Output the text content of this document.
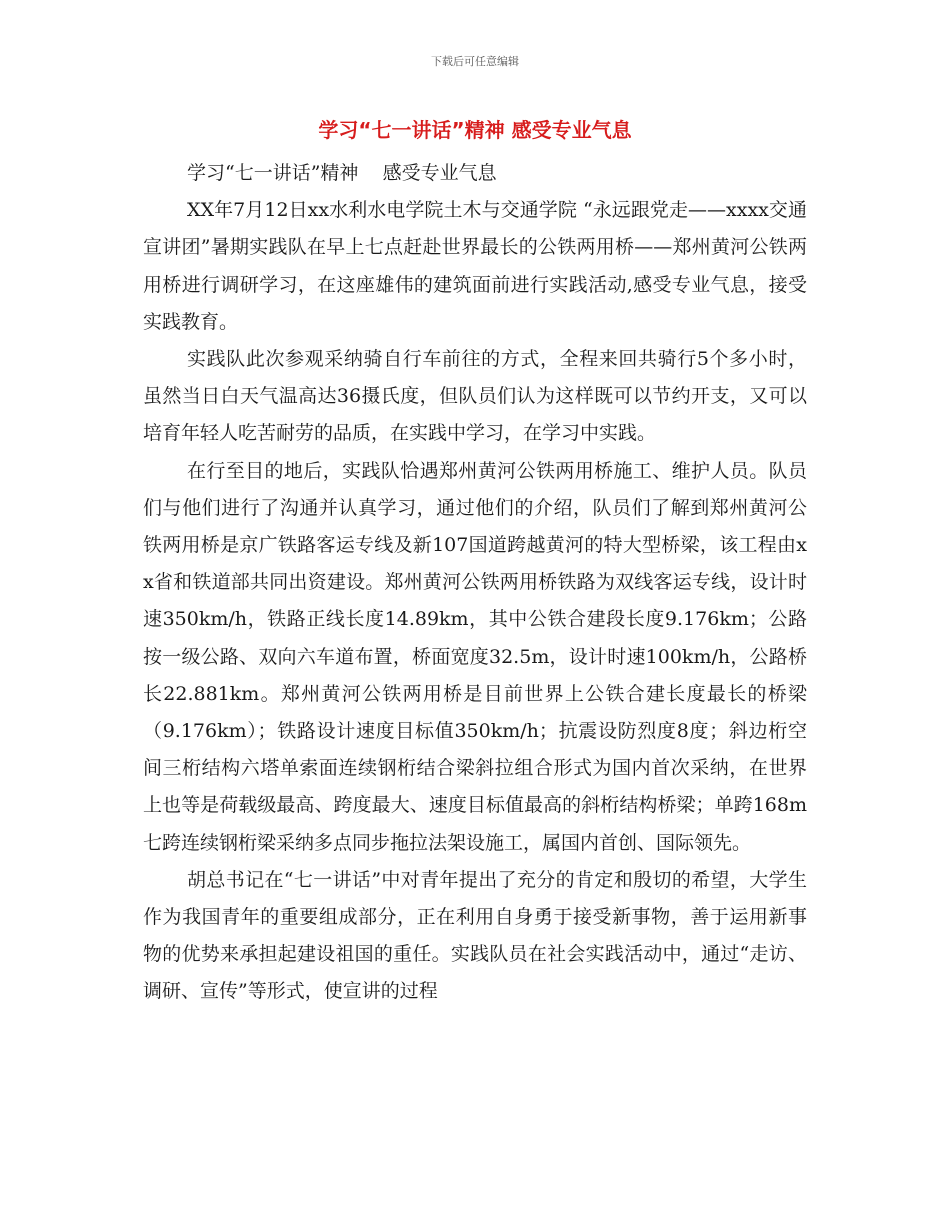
下载后可任意编辑
学习“七一讲话”精神 感受专业气息

学习“七一讲话”精神    感受专业气息

XX年7月12日xx水利水电学院土木与交通学院 “永远跟党走——xxxx交通宣讲团”暑期实践队在早上七点赶赴世界最长的公铁两用桥——郑州黄河公铁两用桥进行调研学习，在这座雄伟的建筑面前进行实践活动,感受专业气息，接受实践教育。

实践队此次参观采纳骑自行车前往的方式，全程来回共骑行5个多小时，虽然当日白天气温高达36摄氏度，但队员们认为这样既可以节约开支，又可以培育年轻人吃苦耐劳的品质，在实践中学习，在学习中实践。

在行至目的地后，实践队恰遇郑州黄河公铁两用桥施工、维护人员。队员们与他们进行了沟通并认真学习，通过他们的介绍，队员们了解到郑州黄河公铁两用桥是京广铁路客运专线及新107国道跨越黄河的特大型桥梁，该工程由xx省和铁道部共同出资建设。郑州黄河公铁两用桥铁路为双线客运专线，设计时速350km/h，铁路正线长度14.89km，其中公铁合建段长度9.176km；公路按一级公路、双向六车道布置，桥面宽度32.5m，设计时速100km/h，公路桥长22.881km。郑州黄河公铁两用桥是目前世界上公铁合建长度最长的桥梁（9.176km）；铁路设计速度目标值350km/h；抗震设防烈度8度；斜边桁空间三桁结构六塔单索面连续钢桁结合梁斜拉组合形式为国内首次采纳，在世界上也等是荷载级最高、跨度最大、速度目标值最高的斜桁结构桥梁；单跨168m七跨连续钢桁梁采纳多点同步拖拉法架设施工，属国内首创、国际领先。

胡总书记在“七一讲话”中对青年提出了充分的肯定和殷切的希望，大学生作为我国青年的重要组成部分，正在利用自身勇于接受新事物，善于运用新事物的优势来承担起建设祖国的重任。实践队员在社会实践活动中，通过“走访、调研、宣传”等形式，使宣讲的过程
